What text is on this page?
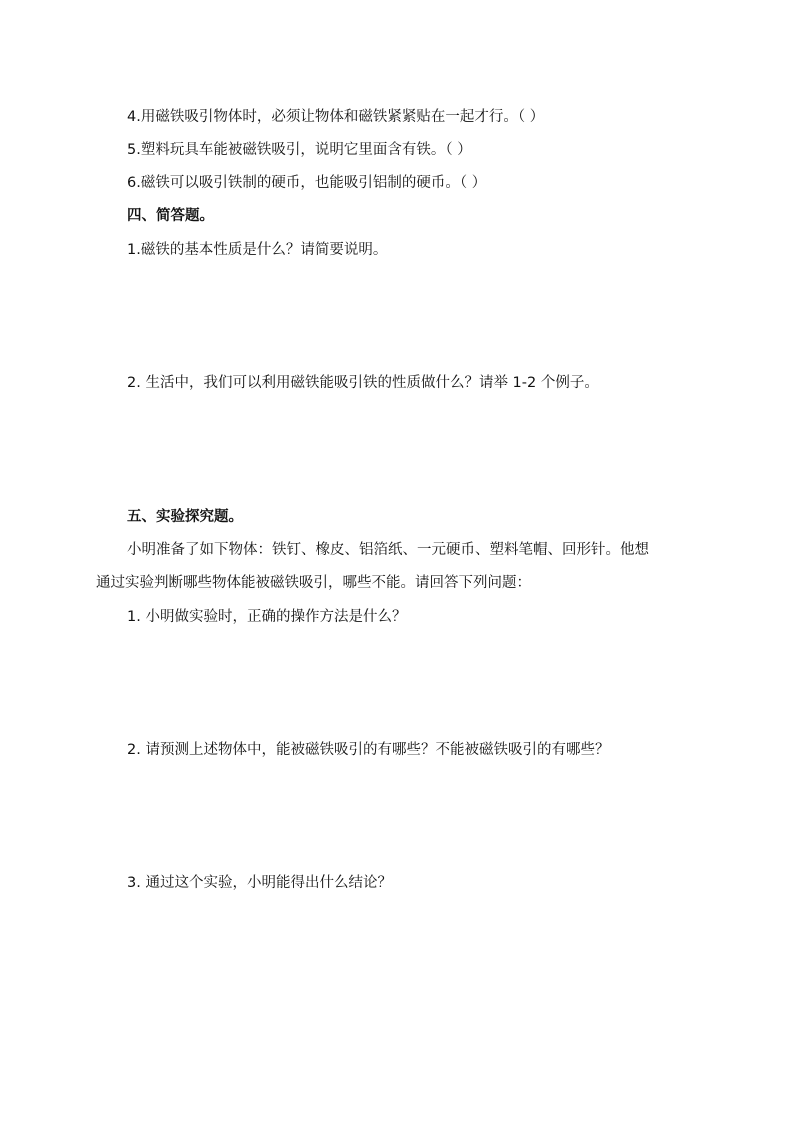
4.用磁铁吸引物体时，必须让物体和磁铁紧紧贴在一起才行。（ ）
5.塑料玩具车能被磁铁吸引，说明它里面含有铁。（ ）
6.磁铁可以吸引铁制的硬币，也能吸引铝制的硬币。（ ）
四、简答题。
1.磁铁的基本性质是什么？请简要说明。
2. 生活中，我们可以利用磁铁能吸引铁的性质做什么？请举 1-2 个例子。
五、实验探究题。
小明准备了如下物体：铁钉、橡皮、铝箔纸、一元硬币、塑料笔帽、回形针。他想
通过实验判断哪些物体能被磁铁吸引，哪些不能。请回答下列问题：
1. 小明做实验时，正确的操作方法是什么？
2. 请预测上述物体中，能被磁铁吸引的有哪些？不能被磁铁吸引的有哪些？
3. 通过这个实验，小明能得出什么结论？
